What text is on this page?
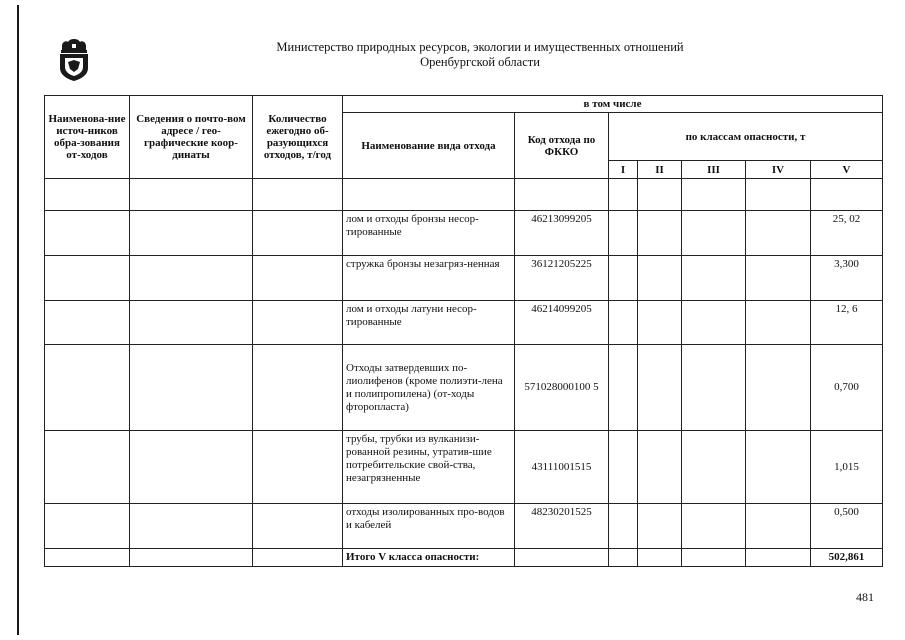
Министерство природных ресурсов, экологии и имущественных отношений
Оренбургской области
Наименова-ние источ-ников обра-зования от-ходов	Сведения о почто-вом адресе / гео-графические коор-динаты	Количество ежегодно об-разующихся отходов, т/год	в том числе						
			Наименование вида отхода	Код отхода по ФККО	по классам опасности, т				
					I	II	III	IV	V

			лом и отходы бронзы несор-тированные	46213099205					25, 02
			стружка бронзы незагряз-ненная	36121205225					3,300
			лом и отходы латуни несор-тированные	46214099205					12, 6
			Отходы затвердевших по-лиолифенов (кроме полиэти-лена и полипропилена) (от-ходы фторопласта)	571028000100 5					0,700
			трубы, трубки из вулканизи-рованной резины, утратив-шие потребительские свой-ства, незагрязненные	43111001515					1,015
			отходы изолированных про-водов и кабелей	48230201525					0,500
			Итого V класса опасности:						502,861
481
